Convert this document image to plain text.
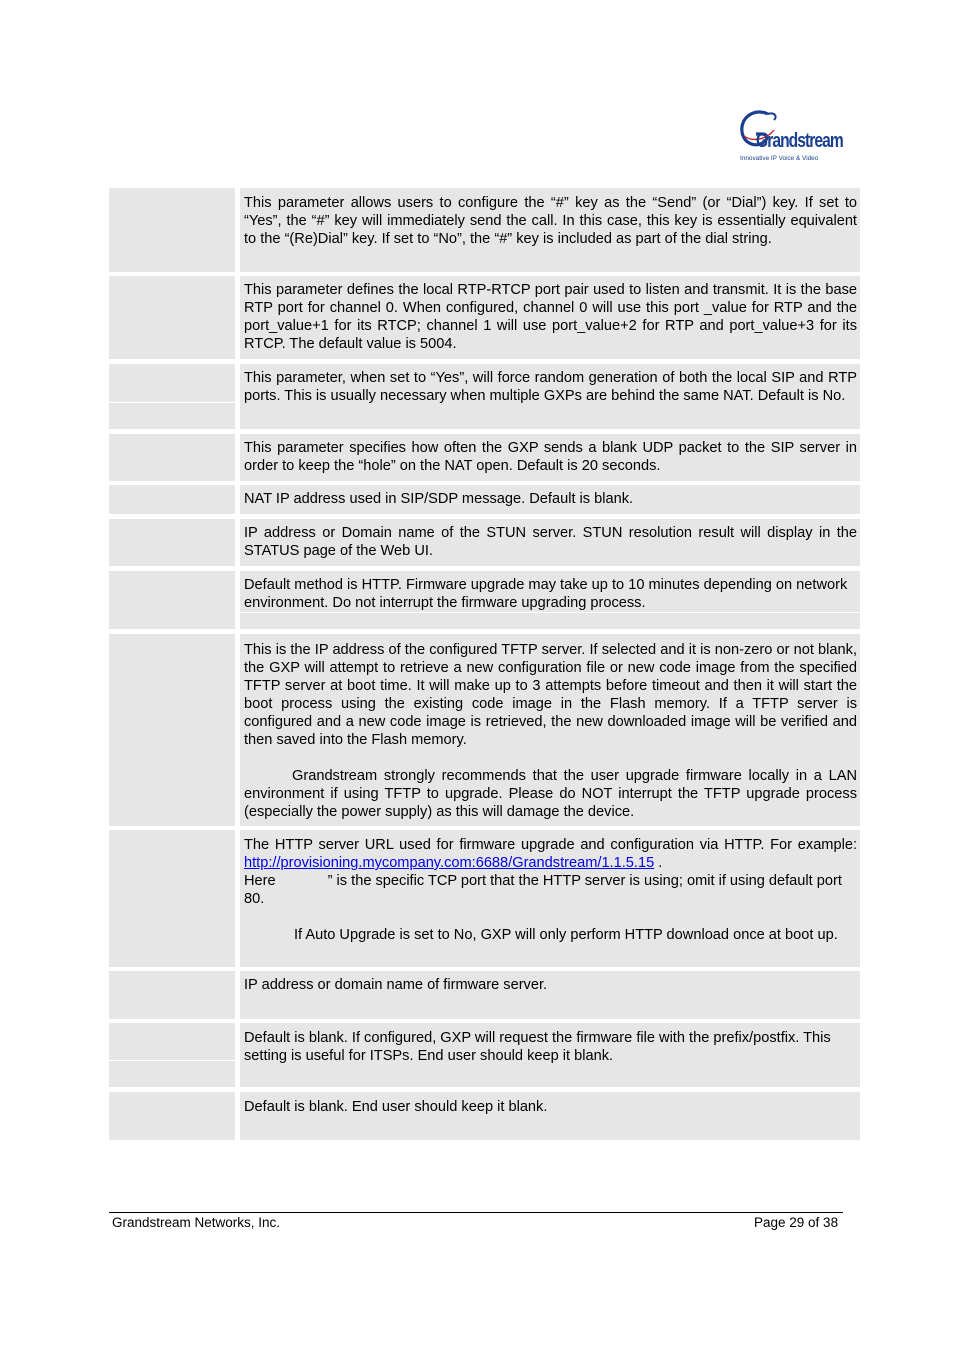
Grandstream
Innovative IP Voice & Video

This parameter allows users to configure the “#” key as the “Send” (or “Dial”) key. If set to “Yes”, the “#” key will immediately send the call. In this case, this key is essentially equivalent to the “(Re)Dial” key. If set to “No”, the “#” key is included as part of the dial string.

This parameter defines the local RTP-RTCP port pair used to listen and transmit. It is the base RTP port for channel 0. When configured, channel 0 will use this port _value for RTP and the port_value+1 for its RTCP; channel 1 will use port_value+2 for RTP and port_value+3 for its RTCP. The default value is 5004.

This parameter, when set to “Yes”, will force random generation of both the local SIP and RTP ports. This is usually necessary when multiple GXPs are behind the same NAT. Default is No.

This parameter specifies how often the GXP sends a blank UDP packet to the SIP server in order to keep the “hole” on the NAT open. Default is 20 seconds.

NAT IP address used in SIP/SDP message. Default is blank.

IP address or Domain name of the STUN server. STUN resolution result will display in the STATUS page of the Web UI.

Default method is HTTP. Firmware upgrade may take up to 10 minutes depending on network environment. Do not interrupt the firmware upgrading process.

This is the IP address of the configured TFTP server. If selected and it is non-zero or not blank, the GXP will attempt to retrieve a new configuration file or new code image from the specified TFTP server at boot time. It will make up to 3 attempts before timeout and then it will start the boot process using the existing code image in the Flash memory. If a TFTP server is configured and a new code image is retrieved, the new downloaded image will be verified and then saved into the Flash memory.

Grandstream strongly recommends that the user upgrade firmware locally in a LAN environment if using TFTP to upgrade. Please do NOT interrupt the TFTP upgrade process (especially the power supply) as this will damage the device.

The HTTP server URL used for firmware upgrade and configuration via HTTP. For example: http://provisioning.mycompany.com:6688/Grandstream/1.1.5.15 .

Here	” is the specific TCP port that the HTTP server is using; omit if using default port 80.

If Auto Upgrade is set to No, GXP will only perform HTTP download once at boot up.

IP address or domain name of firmware server.

Default is blank. If configured, GXP will request the firmware file with the prefix/postfix. This setting is useful for ITSPs. End user should keep it blank.

Default is blank. End user should keep it blank.

Grandstream Networks, Inc.	Page 29 of 38
